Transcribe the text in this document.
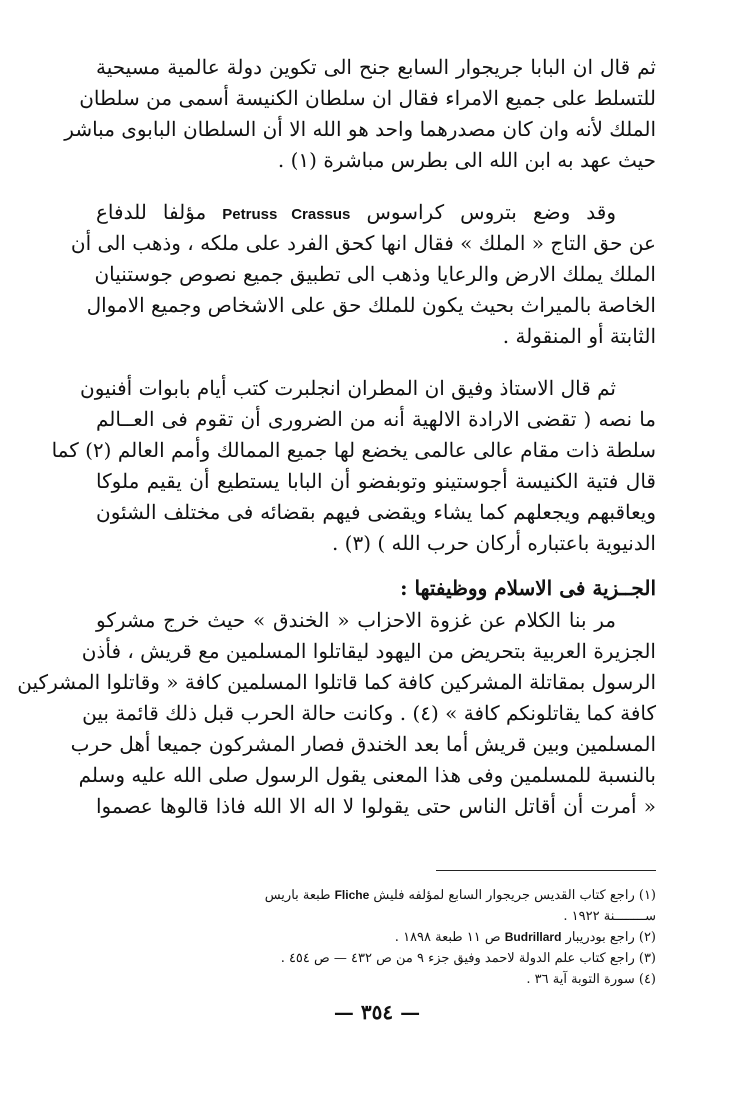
ثم قال ان البابا جريجوار السابع جنح الى تكوين دولة عالمية مسيحية
للتسلط على جميع الامراء فقال ان سلطان الكنيسة أسمى من سلطان
الملك لأنه وان كان مصدرهما واحد هو الله الا أن السلطان البابوى مباشر
حيث عهد به ابن الله الى بطرس مباشرة (١) .
وقد وضع بتروس كراسوس Petruss Crassus مؤلفا للدفاع
عن حق التاج « الملك » فقال انها كحق الفرد على ملكه ، وذهب الى أن
الملك يملك الارض والرعايا وذهب الى تطبيق جميع نصوص جوستنيان
الخاصة بالميراث بحيث يكون للملك حق على الاشخاص وجميع الاموال
الثابتة أو المنقولة .
ثم قال الاستاذ وفيق ان المطران انجلبرت كتب أيام بابوات أفنيون
ما نصه ( تقضى الارادة الالهية أنه من الضرورى أن تقوم فى العــالم
سلطة ذات مقام عالى عالمى يخضع لها جميع الممالك وأمم العالم (٢) كما
قال فتية الكنيسة أجوستينو وتوبفضو أن البابا يستطيع أن يقيم ملوكا
ويعاقبهم ويجعلهم كما يشاء ويقضى فيهم بقضائه فى مختلف الشئون
الدنيوية باعتباره أركان حرب الله ) (٣) .
الجــزية فى الاسلام ووظيفتها :
مر بنا الكلام عن غزوة الاحزاب « الخندق » حيث خرج مشركو
الجزيرة العربية بتحريض من اليهود ليقاتلوا المسلمين مع قريش ، فأذن
الرسول بمقاتلة المشركين كافة كما قاتلوا المسلمين كافة « وقاتلوا المشركين
كافة كما يقاتلونكم كافة » (٤) . وكانت حالة الحرب قبل ذلك قائمة بين
المسلمين وبين قريش أما بعد الخندق فصار المشركون جميعا أهل حرب
بالنسبة للمسلمين وفى هذا المعنى يقول الرسول صلى الله عليه وسلم
« أمرت أن أقاتل الناس حتى يقولوا لا اله الا الله فاذا قالوها عصموا
(١) راجع كتاب القديس جريجوار السابع لمؤلفه فليش Fliche طبعة باريس
ســــــــنة ١٩٢٢ .
(٢) راجع بودريبار Budrillard ص ١١ طبعة ١٨٩٨ .
(٣) راجع كتاب علم الدولة لاحمد وفيق جزء ٩ من ص ٤٣٢ — ص ٤٥٤ .
(٤) سورة التوبة آية ٣٦ .
— ٣٥٤ —
